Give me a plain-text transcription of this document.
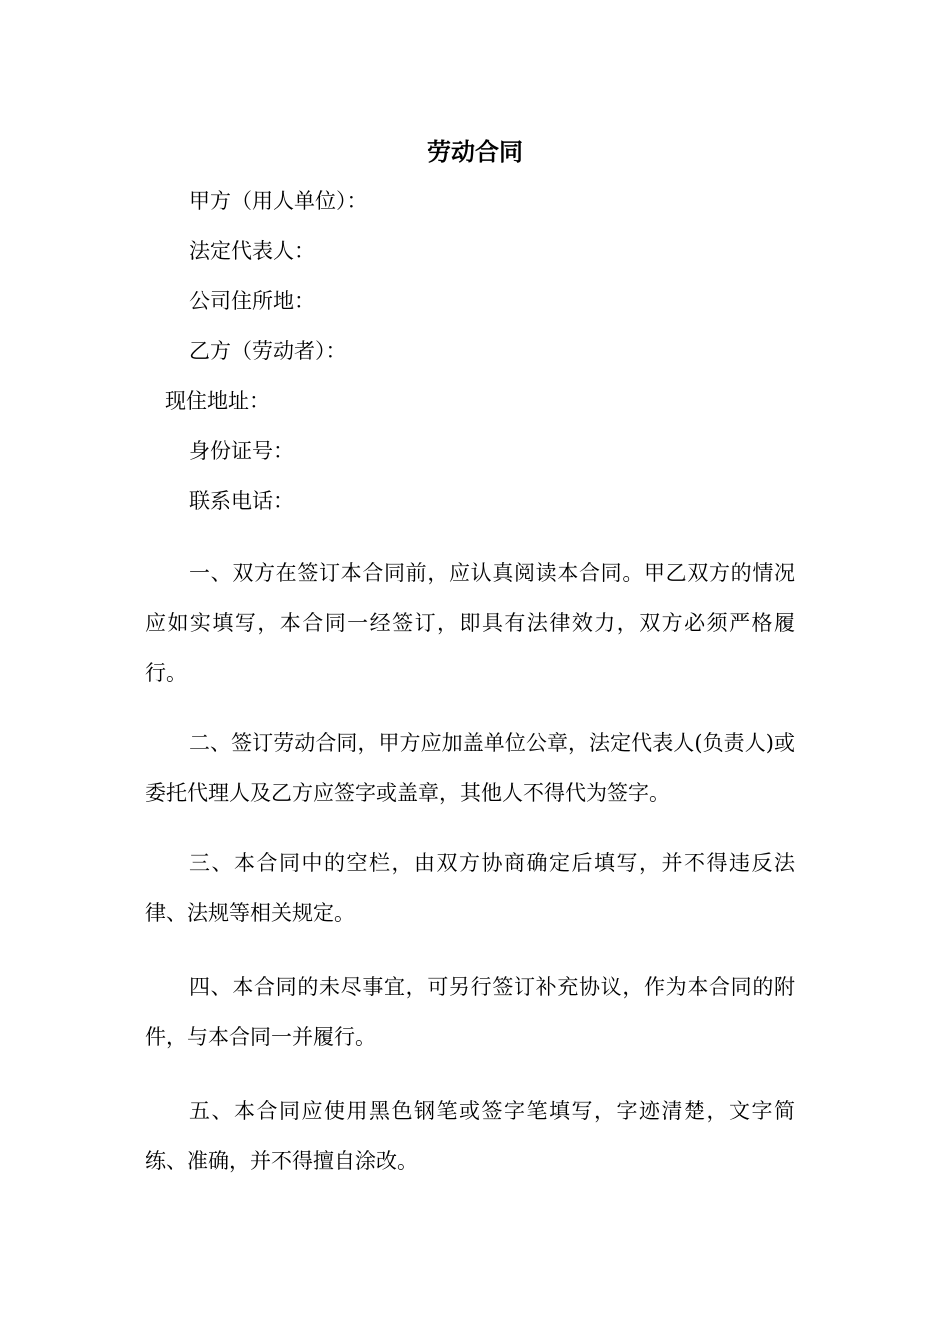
劳动合同
甲方（用人单位）：
法定代表人：
公司住所地：
乙方（劳动者）：
现住地址：
身份证号：
联系电话：

一、双方在签订本合同前，应认真阅读本合同。甲乙双方的情况应如实填写，本合同一经签订，即具有法律效力，双方必须严格履行。

二、签订劳动合同，甲方应加盖单位公章，法定代表人(负责人)或委托代理人及乙方应签字或盖章，其他人不得代为签字。

三、本合同中的空栏，由双方协商确定后填写，并不得违反法律、法规等相关规定。

四、本合同的未尽事宜，可另行签订补充协议，作为本合同的附件，与本合同一并履行。

五、本合同应使用黑色钢笔或签字笔填写，字迹清楚，文字简练、准确，并不得擅自涂改。
